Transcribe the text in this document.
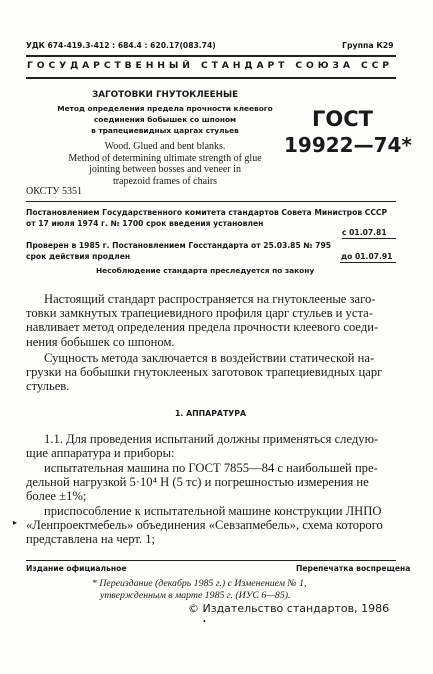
УДК 674-419.3-412 : 684.4 : 620.17(083.74)	Группа К29
ГОСУДАРСТВЕННЫЙ СТАНДАРТ СОЮЗА ССР
ЗАГОТОВКИ ГНУТОКЛЕЕНЫЕ
Метод определения предела прочности клеевого
соединения бобышек со шпоном
в трапециевидных царгах стульев
Wood. Glued and bent blanks.
Method of determining ultimate strength of glue
jointing between bosses and veneer in
trapezoid frames of chairs
ОКСТУ 5351
ГОСТ
19922—74*
Постановлением Государственного комитета стандартов Совета Министров СССР
от 17 июля 1974 г. № 1700 срок введения установлен
с 01.07.81
Проверен в 1985 г. Постановлением Госстандарта от 25.03.85 № 795
срок действия продлен	до 01.07.91
Несоблюдение стандарта преследуется по закону
Настоящий стандарт распространяется на гнутоклееные заго-
товки замкнутых трапециевидного профиля царг стульев и уста-
навливает метод определения предела прочности клеевого соеди-
нения бобышек со шпоном.
Сущность метода заключается в воздействии статической на-
грузки на бобышки гнутоклееных заготовок трапециевидных царг
стульев.
1. АППАРАТУРА
1.1. Для проведения испытаний должны применяться следую-
щие аппаратура и приборы:
испытательная машина по ГОСТ 7855—84 с наибольшей пре-
дельной нагрузкой 5·10⁴ Н (5 тс) и погрешностью измерения не
более ±1%;
приспособление к испытательной машине конструкции ЛНПО
«Ленпроектмебель» объединения «Севзапмебель», схема которого
представлена на черт. 1;
▸
Издание официальное	Перепечатка воспрещена
* Переиздание (декабрь 1985 г.) с Изменением № 1,
утвержденным в марте 1985 г. (ИУС 6—85).
© Издательство стандартов, 1986
•
